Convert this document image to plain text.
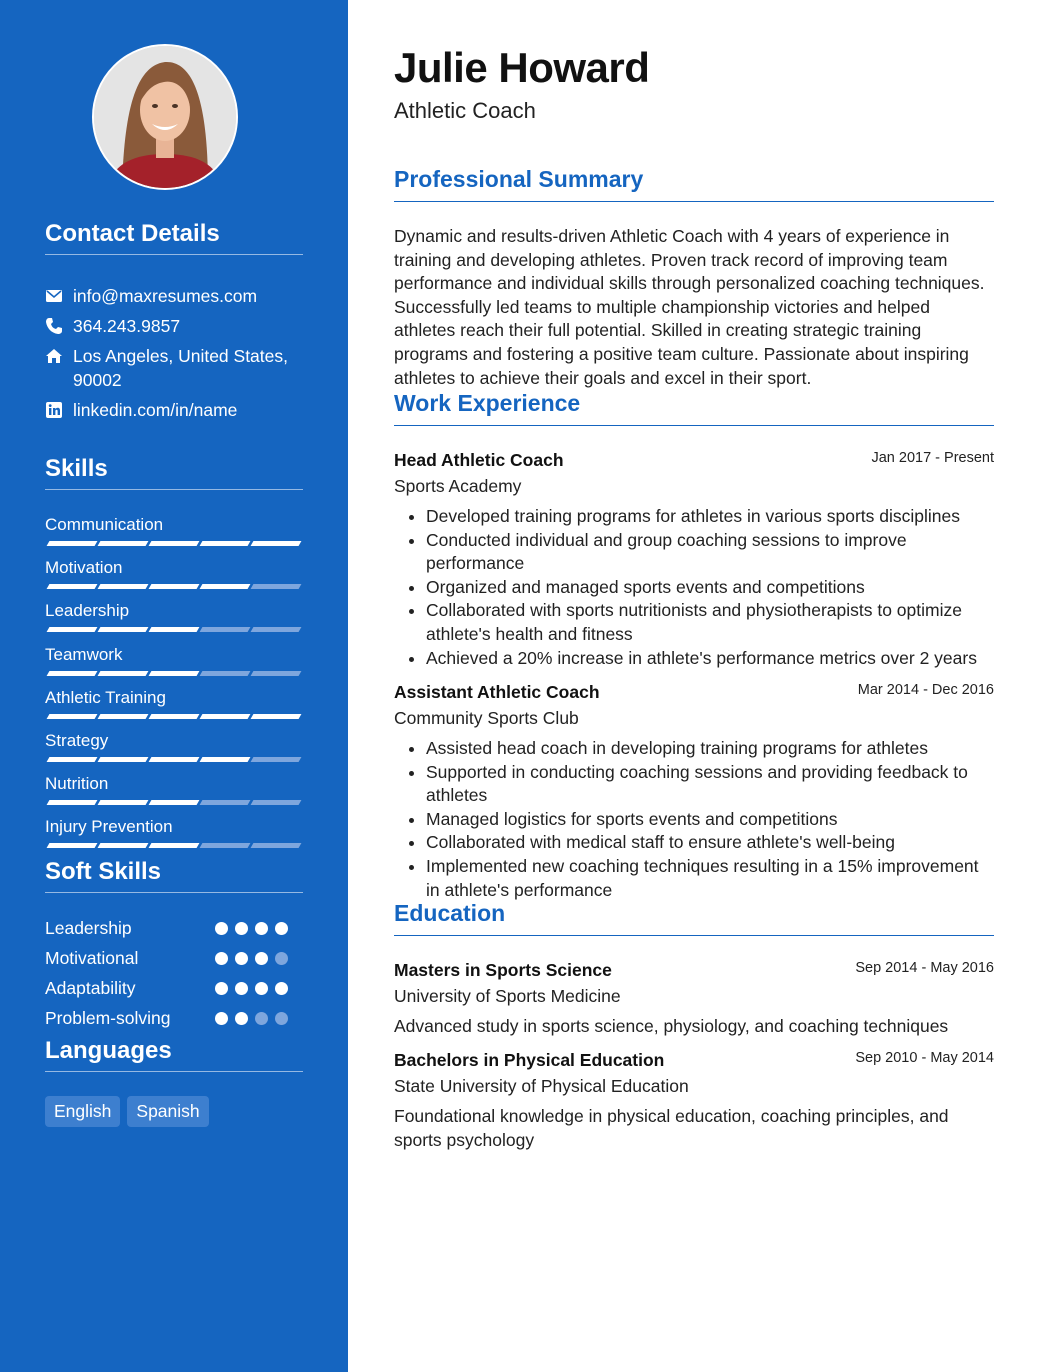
Contact Details
info@maxresumes.com
364.243.9857
Los Angeles, United States,
90002
linkedin.com/in/name
Skills
Communication
Motivation
Leadership
Teamwork
Athletic Training
Strategy
Nutrition
Injury Prevention
Soft Skills
Leadership
Motivational
Adaptability
Problem-solving
Languages
English	Spanish
Julie Howard
Athletic Coach
Professional Summary
Dynamic and results-driven Athletic Coach with 4 years of experience in training and developing athletes. Proven track record of improving team performance and individual skills through personalized coaching techniques. Successfully led teams to multiple championship victories and helped athletes reach their full potential. Skilled in creating strategic training programs and fostering a positive team culture. Passionate about inspiring athletes to achieve their goals and excel in their sport.
Work Experience
Head Athletic Coach	Jan 2017 - Present
Sports Academy
• Developed training programs for athletes in various sports disciplines
• Conducted individual and group coaching sessions to improve performance
• Organized and managed sports events and competitions
• Collaborated with sports nutritionists and physiotherapists to optimize athlete's health and fitness
• Achieved a 20% increase in athlete's performance metrics over 2 years
Assistant Athletic Coach	Mar 2014 - Dec 2016
Community Sports Club
• Assisted head coach in developing training programs for athletes
• Supported in conducting coaching sessions and providing feedback to athletes
• Managed logistics for sports events and competitions
• Collaborated with medical staff to ensure athlete's well-being
• Implemented new coaching techniques resulting in a 15% improvement in athlete's performance
Education
Masters in Sports Science	Sep 2014 - May 2016
University of Sports Medicine
Advanced study in sports science, physiology, and coaching techniques
Bachelors in Physical Education	Sep 2010 - May 2014
State University of Physical Education
Foundational knowledge in physical education, coaching principles, and sports psychology
